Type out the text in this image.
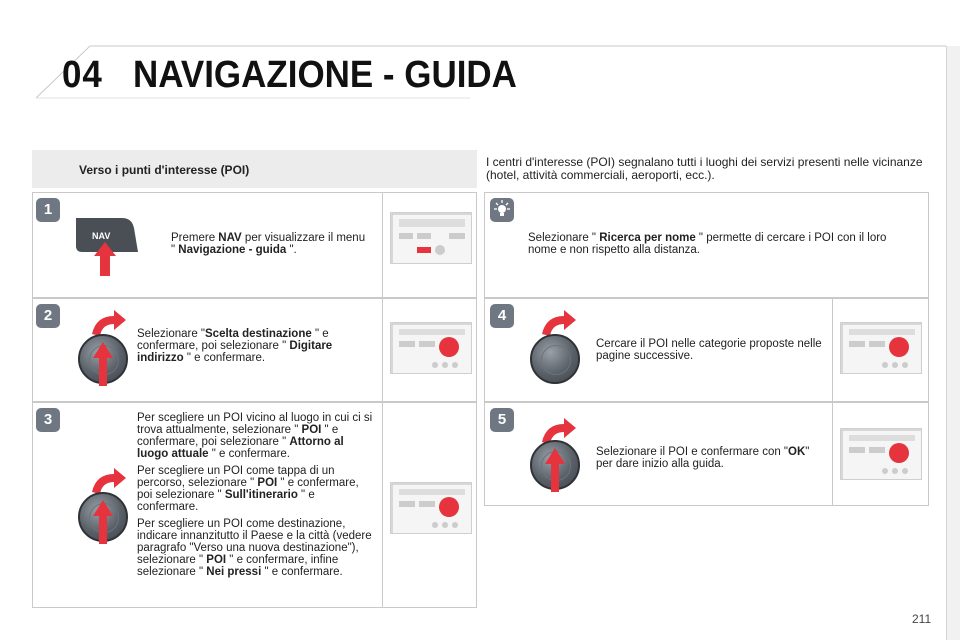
04 NAVIGAZIONE - GUIDA
Verso i punti d'interesse (POI)
I centri d'interesse (POI) segnalano tutti i luoghi dei servizi presenti nelle vicinanze (hotel, attività commerciali, aeroporti, ecc.).
1
NAV	Premere NAV per visualizzare il menu " Navigazione - guida ".
2
Selezionare "Scelta destinazione " e confermare, poi selezionare " Digitare indirizzo " e confermare.
3	Per scegliere un POI vicino al luogo in cui ci si trova attualmente, selezionare " POI " e confermare, poi selezionare " Attorno al luogo attuale " e confermare.

Per scegliere un POI come tappa di un percorso, selezionare " POI " e confermare, poi selezionare " Sull'itinerario " e confermare.

Per scegliere un POI come destinazione, indicare innanzitutto il Paese e la città (vedere paragrafo "Verso una nuova destinazione"), selezionare " POI " e confermare, infine selezionare " Nei pressi " e confermare.

Selezionare " Ricerca per nome " permette di cercare i POI con il loro nome e non rispetto alla distanza.
4
Cercare il POI nelle categorie proposte nelle pagine successive.
5
Selezionare il POI e confermare con "OK" per dare inizio alla guida.
211
